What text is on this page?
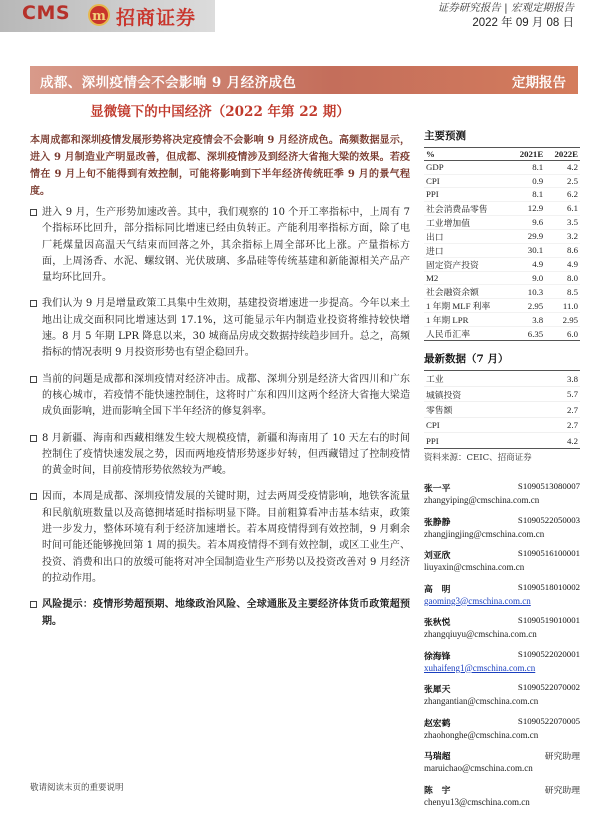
CMS	m 招商证券	证券研究报告 | 宏观定期报告
2022 年 09 月 08 日
成都、深圳疫情会不会影响 9 月经济成色	定期报告
显微镜下的中国经济（2022 年第 22 期）

本周成都和深圳疫情发展形势将决定疫情会不会影响 9 月经济成色。高频数据显示，进入 9 月制造业产明显改善，但成都、深圳疫情涉及到经济大省拖大梁的效果。若疫情在 9 月上旬不能得到有效控制，可能将影响到下半年经济传统旺季 9 月的景气程度。

进入 9 月，生产形势加速改善。其中，我们观察的 10 个开工率指标中，上周有 7 个指标环比回升，部分指标同比增速已经由负转正。产能利用率指标方面，除了电厂耗煤量因高温天气结束而回落之外，其余指标上周全部环比上涨。产量指标方面，上周汤香、水泥、螺纹钢、光伏玻璃、多晶硅等传统基建和新能源相关产品产量均环比回升。
我们认为 9 月是增量政策工具集中生效期，基建投资增速进一步提高。今年以来土地出让成交面积同比增速达到 17.1%，这可能显示年内制造业投资将维持较快增速。8 月 5 年期 LPR 降息以来，30 城商品房成交数据持续趋步回升。总之，高频指标的情况表明 9 月投资形势也有望企稳回升。
当前的问题是成都和深圳疫情对经济冲击。成都、深圳分别是经济大省四川和广东的核心城市，若疫情不能快速控制住，这将时广东和四川这两个经济大省拖大梁造成负面影响，进而影响全国下半年经济的修复斜率。
8 月新疆、海南和西藏相继发生较大规模疫情，新疆和海南用了 10 天左右的时间控制住了疫情快速发展之势，因而两地疫情形势逐步好转，但西藏错过了控制疫情的黄金时间，目前疫情形势依然较为严峻。
因而，本周是成都、深圳疫情发展的关键时期，过去两周受疫情影响，地铁客流量和民航航班数量以及高德拥堵延时指标明显下降。目前粗算看冲击基本结束，政策进一步发力，整体环境有利于经济加速增长。若本周疫情得到有效控制，9 月剩余时间可能还能够挽回第 1 周的损失。若本周疫情得不到有效控制，或区工业生产、投资、消费和出口的放缓可能将对冲全国制造业生产形势以及投资改善对 9 月经济的拉动作用。
风险提示：疫情形势超预期、地缘政治风险、全球通胀及主要经济体货币政策超预期。
主要预测
%	2021E	2022E
GDP	8.1	4.2
CPI	0.9	2.5
PPI	8.1	6.2
社会消费品零售	12.9	6.1
工业增加值	9.6	3.5
出口	29.9	3.2
进口	30.1	8.6
固定资产投资	4.9	4.9
M2	9.0	8.0
社会融资余额	10.3	8.5
1 年期 MLF 利率	2.95	11.0
1 年期 LPR	3.8	2.95
人民币汇率	6.35	6.0
最新数据（7 月）
工业	3.8
城镇投资	5.7
零售额	2.7
CPI	2.7
PPI	4.2
资料来源：CEIC、招商证券
张一平	S1090513080007
zhangyiping@cmschina.com.cn
张静静	S1090522050003
zhangjingjing@cmschina.com.cn
刘亚欣	S1090516100001
liuyaxin@cmschina.com.cn
高　明	S1090518010002
gaoming3@cmschina.com.cn
张秋悦	S1090519010001
zhangqiuyu@cmschina.com.cn
徐海锋	S1090522020001
xuhaifeng1@cmschina.com.cn
张犀天	S1090522070002
zhangantian@cmschina.com.cn
赵宏鹤	S1090522070005
zhaohonghe@cmschina.com.cn
马瑞超	研究助理
maruichao@cmschina.com.cn
陈　宇	研究助理
chenyu13@cmschina.com.cn
敬请阅读末页的重要说明
